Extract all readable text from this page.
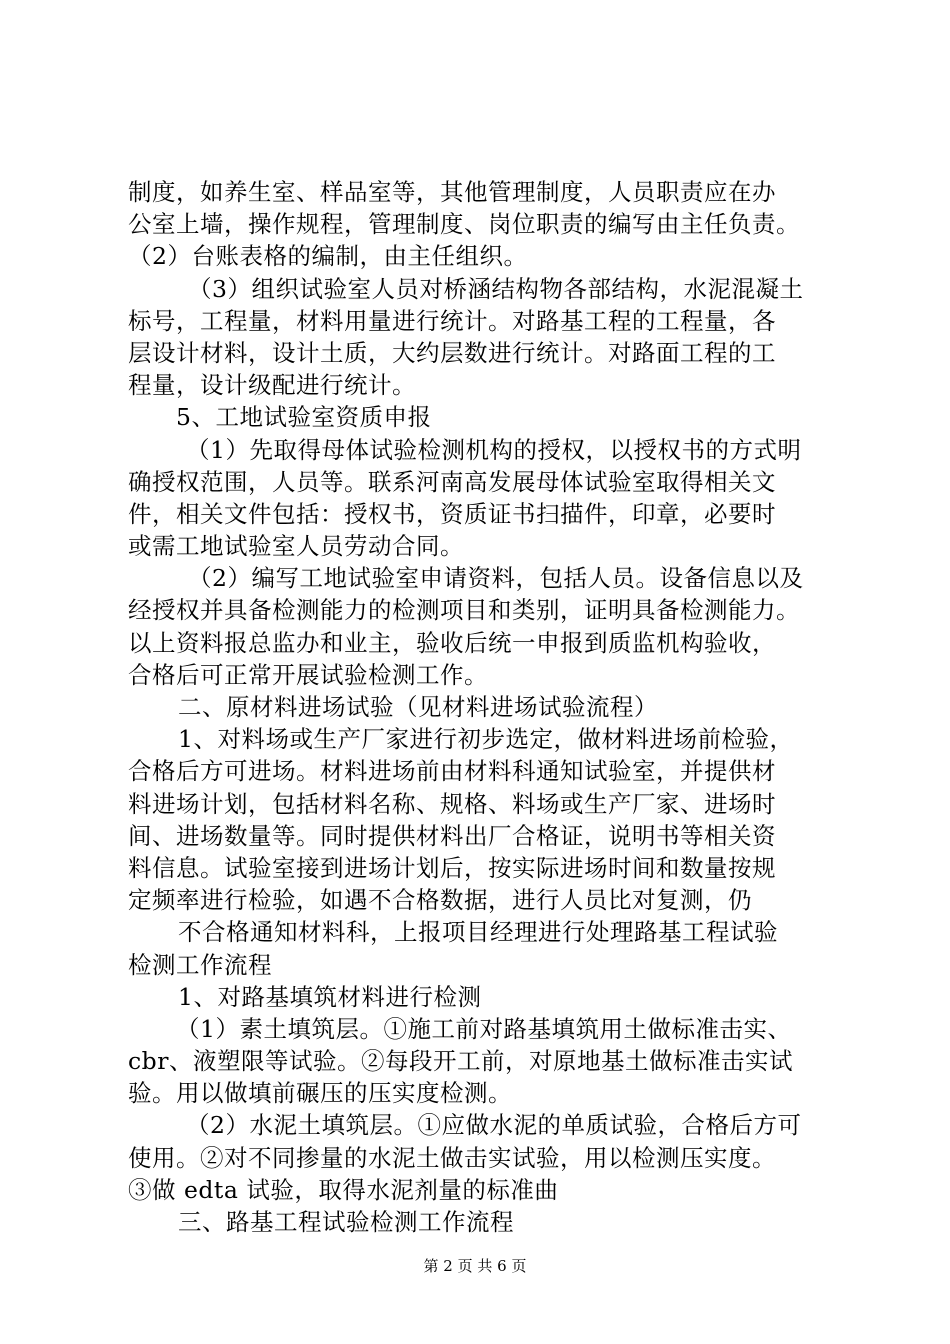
制度，如养生室、样品室等，其他管理制度，人员职责应在办
公室上墙，操作规程，管理制度、岗位职责的编写由主任负责。
（2）台账表格的编制，由主任组织。
（3）组织试验室人员对桥涵结构物各部结构，水泥混凝土
标号，工程量，材料用量进行统计。对路基工程的工程量，各
层设计材料，设计土质，大约层数进行统计。对路面工程的工
程量，设计级配进行统计。
5、工地试验室资质申报
（1）先取得母体试验检测机构的授权，以授权书的方式明
确授权范围，人员等。联系河南高发展母体试验室取得相关文
件，相关文件包括：授权书，资质证书扫描件，印章，必要时
或需工地试验室人员劳动合同。
（2）编写工地试验室申请资料，包括人员。设备信息以及
经授权并具备检测能力的检测项目和类别，证明具备检测能力。
以上资料报总监办和业主，验收后统一申报到质监机构验收，
合格后可正常开展试验检测工作。
二、原材料进场试验（见材料进场试验流程）
1、对料场或生产厂家进行初步选定，做材料进场前检验，
合格后方可进场。材料进场前由材料科通知试验室，并提供材
料进场计划，包括材料名称、规格、料场或生产厂家、进场时
间、进场数量等。同时提供材料出厂合格证，说明书等相关资
料信息。试验室接到进场计划后，按实际进场时间和数量按规
定频率进行检验，如遇不合格数据，进行人员比对复测，仍
不合格通知材料科，上报项目经理进行处理路基工程试验
检测工作流程
1、对路基填筑材料进行检测
（1）素土填筑层。①施工前对路基填筑用土做标准击实、
cbr、液塑限等试验。②每段开工前，对原地基土做标准击实试
验。用以做填前碾压的压实度检测。
（2）水泥土填筑层。①应做水泥的单质试验，合格后方可
使用。②对不同掺量的水泥土做击实试验，用以检测压实度。
③做 edta 试验，取得水泥剂量的标准曲
三、路基工程试验检测工作流程
第 2 页 共 6 页
